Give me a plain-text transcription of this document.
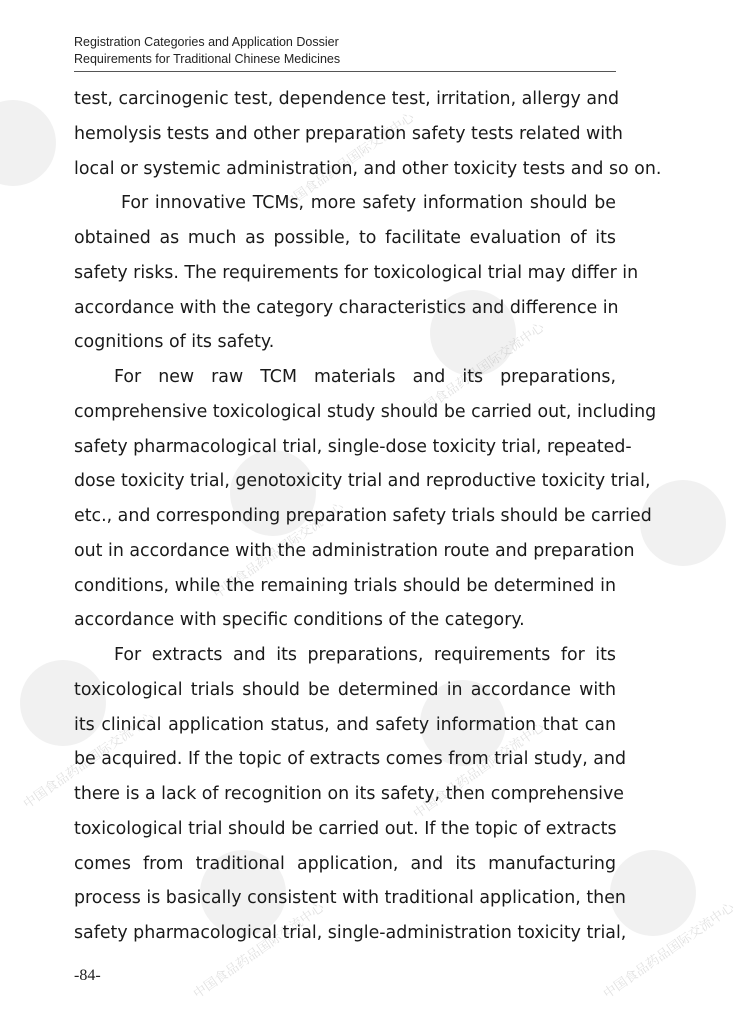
Registration Categories and Application Dossier
Requirements for Traditional Chinese Medicines
中国食品药品国际交流中心
中国食品药品国际交流中心
中国食品药品国际交流中心
中国食品药品国际交流中心	中国食品药品国际交流中心
中国食品药品国际交流中心	中国食品药品国际交流中心
test, carcinogenic test, dependence test, irritation, allergy and
hemolysis tests and other preparation safety tests related with
local or systemic administration, and other toxicity tests and so on.
For innovative TCMs, more safety information should be
obtained as much as possible, to facilitate evaluation of its
safety risks. The requirements for toxicological trial may differ in
accordance with the category characteristics and difference in
cognitions of its safety.
For new raw TCM materials and its preparations,
comprehensive toxicological study should be carried out, including
safety pharmacological trial, single-dose toxicity trial, repeated-
dose toxicity trial, genotoxicity trial and reproductive toxicity trial,
etc., and corresponding preparation safety trials should be carried
out in accordance with the administration route and preparation
conditions, while the remaining trials should be determined in
accordance with specific conditions of the category.
For extracts and its preparations, requirements for its
toxicological trials should be determined in accordance with
its clinical application status, and safety information that can
be acquired. If the topic of extracts comes from trial study, and
there is a lack of recognition on its safety, then comprehensive
toxicological trial should be carried out. If the topic of extracts
comes from traditional application, and its manufacturing
process is basically consistent with traditional application, then
safety pharmacological trial, single-administration toxicity trial,
-84-
